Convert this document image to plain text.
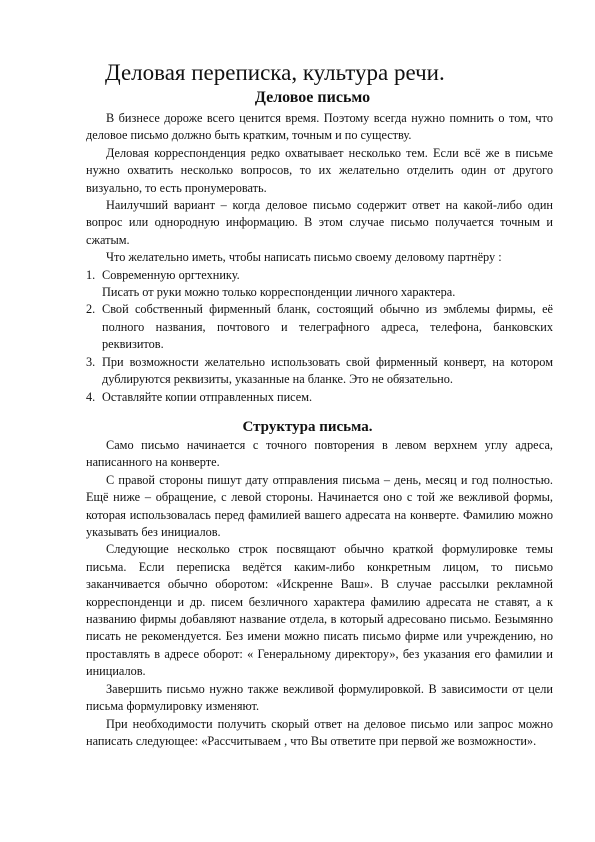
Деловая переписка, культура речи.
Деловое письмо

В бизнесе дороже всего ценится время. Поэтому всегда нужно помнить о том, что деловое письмо должно быть кратким, точным и по существу.

Деловая корреспонденция редко охватывает несколько тем. Если всё же в письме нужно охватить несколько вопросов, то их желательно отделить один от другого визуально, то есть пронумеровать.

Наилучший вариант – когда деловое письмо содержит ответ на какой-либо один вопрос или однородную информацию. В этом случае письмо получается точным и сжатым.

Что желательно иметь, чтобы написать письмо своему деловому партнёру :

1. Современную оргтехнику.
Писать от руки можно только корреспонденции личного характера.
2. Свой собственный фирменный бланк, состоящий обычно из эмблемы фирмы, её полного названия, почтового и телеграфного адреса, телефона, банковских реквизитов.
3. При возможности желательно использовать свой фирменный конверт, на котором дублируются реквизиты, указанные на бланке. Это не обязательно.
4. Оставляйте копии отправленных писем.
Структура письма.

Само письмо начинается с точного повторения в левом верхнем углу адреса, написанного на конверте.

С правой стороны пишут дату отправления письма – день, месяц и год полностью. Ещё ниже – обращение, с левой стороны. Начинается оно с той же вежливой формы, которая использовалась перед фамилией вашего адресата на конверте. Фамилию можно указывать без инициалов.

Следующие несколько строк посвящают обычно краткой формулировке темы письма. Если переписка ведётся каким-либо конкретным лицом, то письмо заканчивается обычно оборотом: «Искренне Ваш». В случае рассылки рекламной корреспонденци и др. писем безличного характера фамилию адресата не ставят, а к названию фирмы добавляют название отдела, в который адресовано письмо. Безымянно писать не рекомендуется. Без имени можно писать письмо фирме или учреждению, но проставлять в адресе оборот: « Генеральному директору», без указания его фамилии и инициалов.

Завершить письмо нужно также вежливой формулировкой. В зависимости от цели письма формулировку изменяют.

При необходимости получить скорый ответ на деловое письмо или запрос можно написать следующее: «Рассчитываем , что Вы ответите при первой же возможности».
